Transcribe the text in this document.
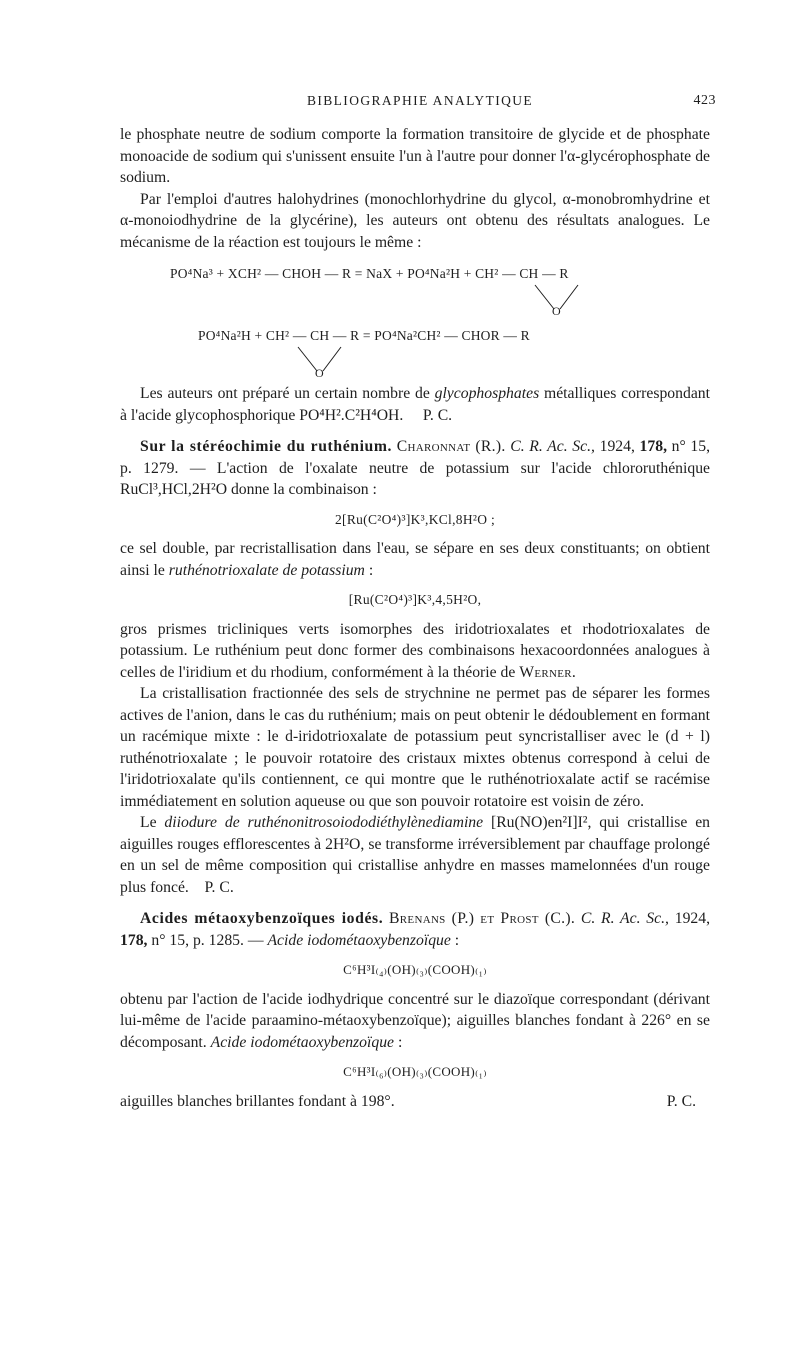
BIBLIOGRAPHIE ANALYTIQUE	423

le phosphate neutre de sodium comporte la formation transitoire de glycide et de phosphate monoacide de sodium qui s'unissent ensuite l'un à l'autre pour donner l'α-glycérophosphate de sodium.

Par l'emploi d'autres halohydrines (monochlorhydrine du glycol, α-monobromhydrine et α-monoiodhydrine de la glycérine), les auteurs ont obtenu des résultats analogues. Le mécanisme de la réaction est toujours le même :

PO⁴Na³ + XCH² — CHOH — R = NaX + PO⁴Na²H + CH² — CH — R
O
PO⁴Na²H + CH² — CH — R = PO⁴Na²CH² — CHOR — R
O

Les auteurs ont préparé un certain nombre de glycophosphates métalliques correspondant à l'acide glycophosphorique PO⁴H².C²H⁴OH. P. C.

Sur la stéréochimie du ruthénium. Charonnat (R.). C. R. Ac. Sc., 1924, 178, n° 15, p. 1279. — L'action de l'oxalate neutre de potassium sur l'acide chlororuthénique RuCl³,HCl,2H²O donne la combinaison :

2[Ru(C²O⁴)³]K³,KCl,8H²O ;

ce sel double, par recristallisation dans l'eau, se sépare en ses deux constituants; on obtient ainsi le ruthénotrioxalate de potassium :

[Ru(C²O⁴)³]K³,4,5H²O,

gros prismes tricliniques verts isomorphes des iridotrioxalates et rhodotrioxalates de potassium. Le ruthénium peut donc former des combinaisons hexacoordonnées analogues à celles de l'iridium et du rhodium, conformément à la théorie de Werner.

La cristallisation fractionnée des sels de strychnine ne permet pas de séparer les formes actives de l'anion, dans le cas du ruthénium; mais on peut obtenir le dédoublement en formant un racémique mixte : le d-iridotrioxalate de potassium peut syncristalliser avec le (d + l) ruthénotrioxalate ; le pouvoir rotatoire des cristaux mixtes obtenus correspond à celui de l'iridotrioxalate qu'ils contiennent, ce qui montre que le ruthénotrioxalate actif se racémise immédiatement en solution aqueuse ou que son pouvoir rotatoire est voisin de zéro.

Le diiodure de ruthénonitrosoiododiéthylènediamine [Ru(NO)en²I]I², qui cristallise en aiguilles rouges efflorescentes à 2H²O, se transforme irréversiblement par chauffage prolongé en un sel de même composition qui cristallise anhydre en masses mamelonnées d'un rouge plus foncé. P. C.

Acides métaoxybenzoïques iodés. Brenans (P.) et Prost (C.). C. R. Ac. Sc., 1924, 178, n° 15, p. 1285. — Acide iodométaoxybenzoïque :

C⁶H³I₍₄₎(OH)₍₃₎(COOH)₍₁₎

obtenu par l'action de l'acide iodhydrique concentré sur le diazoïque correspondant (dérivant lui-même de l'acide paraamino-métaoxybenzoïque); aiguilles blanches fondant à 226° en se décomposant. Acide iodométaoxybenzoïque :

C⁶H³I₍₆₎(OH)₍₃₎(COOH)₍₁₎

aiguilles blanches brillantes fondant à 198°.	P. C.
